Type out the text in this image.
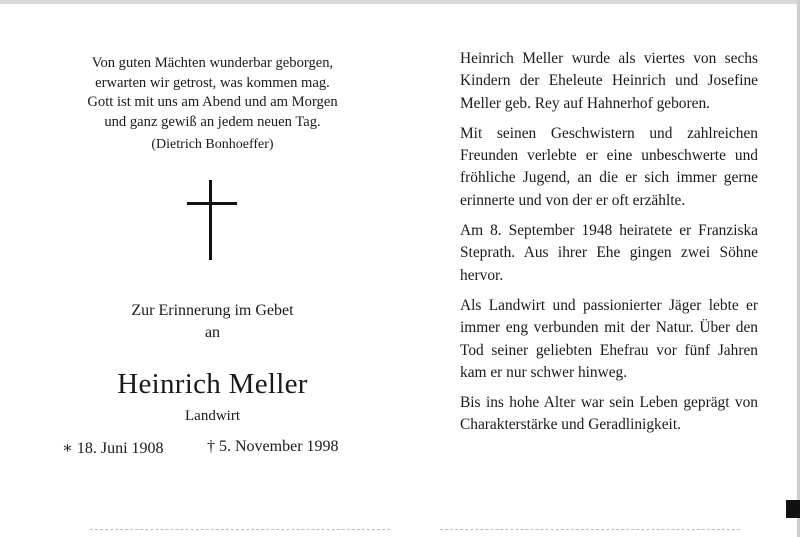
Von guten Mächten wunderbar geborgen,
erwarten wir getrost, was kommen mag.
Gott ist mit uns am Abend und am Morgen
und ganz gewiß an jedem neuen Tag.
(Dietrich Bonhoeffer)
Zur Erinnerung im Gebet
an
Heinrich Meller
Landwirt
∗ 18. Juni 1908	† 5. November 1998

Heinrich Meller wurde als viertes von sechs Kindern der Eheleute Heinrich und Josefine Meller geb. Rey auf Hahnerhof geboren.

Mit seinen Geschwistern und zahlreichen Freunden verlebte er eine unbeschwerte und fröhliche Jugend, an die er sich immer gerne erinnerte und von der er oft erzählte.

Am 8. September 1948 heiratete er Franziska Steprath. Aus ihrer Ehe gingen zwei Söhne hervor.

Als Landwirt und passionierter Jäger lebte er immer eng verbunden mit der Natur. Über den Tod seiner geliebten Ehefrau vor fünf Jahren kam er nur schwer hinweg.

Bis ins hohe Alter war sein Leben geprägt von Charakterstärke und Geradlinigkeit.
